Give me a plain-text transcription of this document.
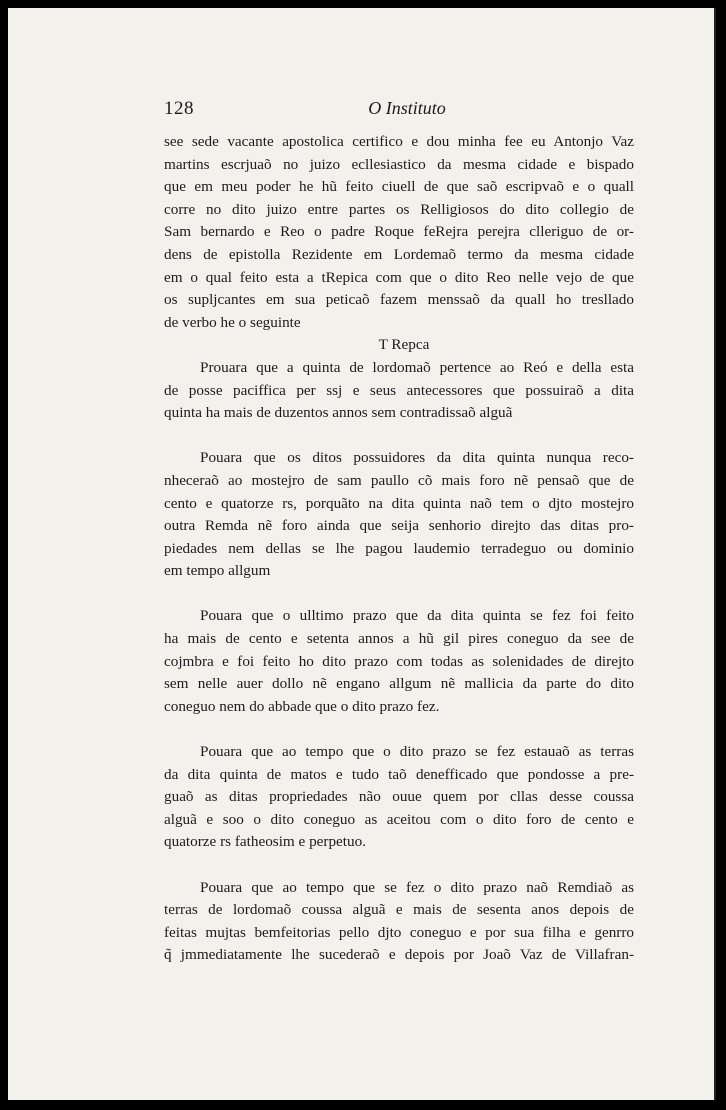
128	O Instituto
see sede vacante apostolica certifico e dou minha fee eu Antonjo Vaz
martins escrjuaõ no juizo ecllesiastico da mesma cidade e bispado
que em meu poder he hũ feito ciuell de que saõ escripvaõ e o quall
corre no dito juizo entre partes os Relligiosos do dito collegio de
Sam bernardo e Reo o padre Roque feRejra perejra clleriguo de or-
dens de epistolla Rezidente em Lordemaõ termo da mesma cidade
em o qual feito esta a tRepica com que o dito Reo nelle vejo de que
os supljcantes em sua peticaõ fazem menssaõ da quall ho tresllado
de verbo he o seguinte
T Repca
Prouara que a quinta de lordomaõ pertence ao Reó e della esta
de posse paciffica per ssj e seus antecessores que possuiraõ a dita
quinta ha mais de duzentos annos sem contradissaõ alguã
Pouara que os ditos possuidores da dita quinta nunqua reco-
nheceraõ ao mostejro de sam paullo cõ mais foro nẽ pensaõ que de
cento e quatorze rs, porquãto na dita quinta naõ tem o djto mostejro
outra Remda nẽ foro ainda que seija senhorio direjto das ditas pro-
piedades nem dellas se lhe pagou laudemio terradeguo ou dominio
em tempo allgum
Pouara que o ulltimo prazo que da dita quinta se fez foi feito
ha mais de cento e setenta annos a hũ gil pires coneguo da see de
cojmbra e foi feito ho dito prazo com todas as solenidades de direjto
sem nelle auer dollo nẽ engano allgum nẽ mallicia da parte do dito
coneguo nem do abbade que o dito prazo fez.
Pouara que ao tempo que o dito prazo se fez estauaõ as terras
da dita quinta de matos e tudo taõ denefficado que pondosse a pre-
guaõ as ditas propriedades não ouue quem por cllas desse coussa
alguã e soo o dito coneguo as aceitou com o dito foro de cento e
quatorze rs fatheosim e perpetuo.
Pouara que ao tempo que se fez o dito prazo naõ Remdiaõ as
terras de lordomaõ coussa alguã e mais de sesenta anos depois de
feitas mujtas bemfeitorias pello djto coneguo e por sua filha e genrro
q̃ jmmediatamente lhe sucederaõ e depois por Joaõ Vaz de Villafran-
